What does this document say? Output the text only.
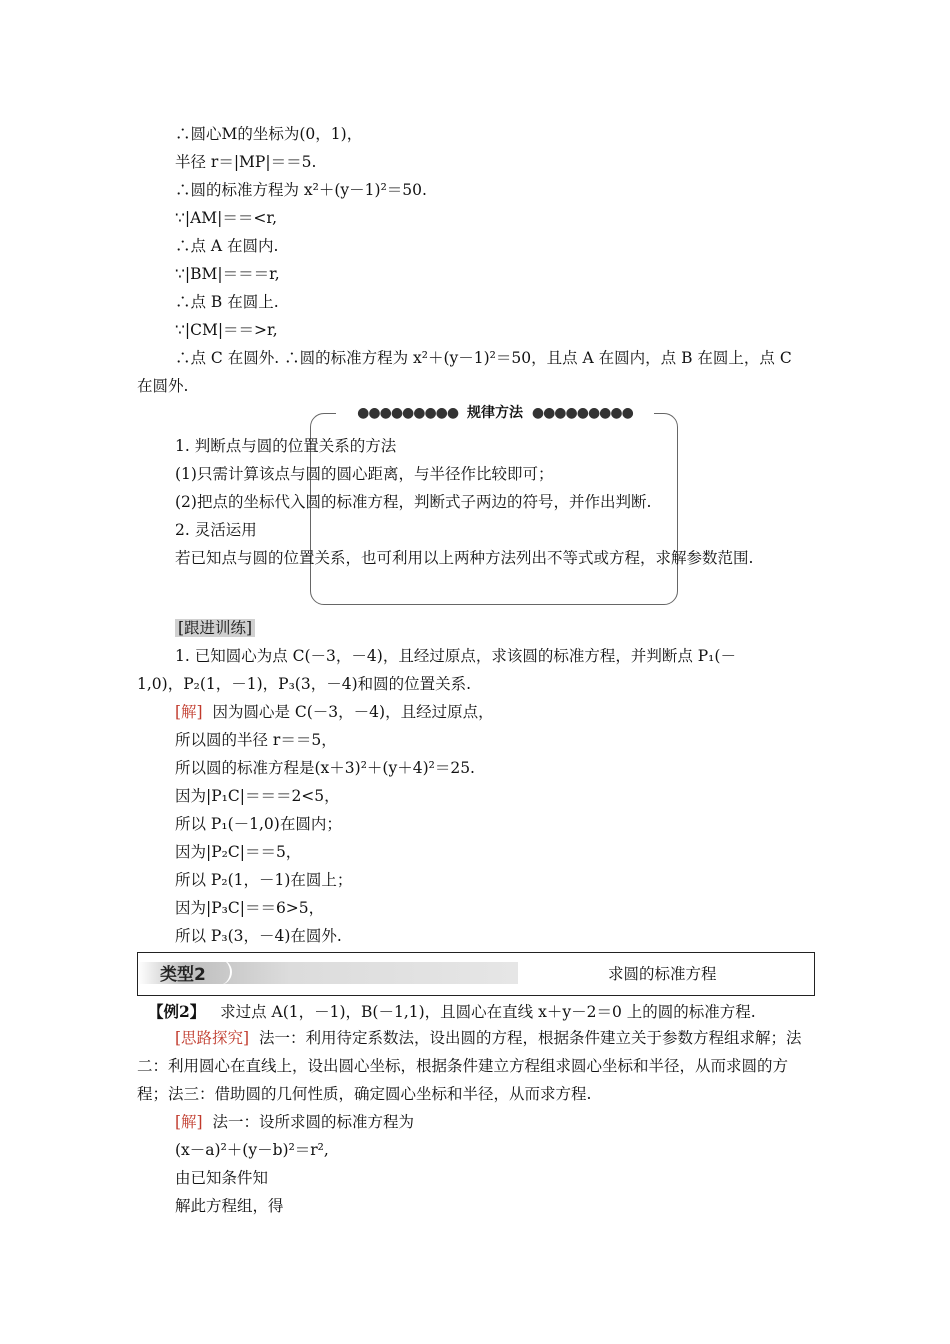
∴圆心M的坐标为(0，1)，
半径 r＝|MP|＝＝5.
∴圆的标准方程为 x²＋(y－1)²＝50.
∵|AM|＝＝<r,
∴点 A 在圆内.
∵|BM|＝＝＝r,
∴点 B 在圆上.
∵|CM|＝＝>r,
∴点 C 在圆外. ∴圆的标准方程为 x²＋(y－1)²＝50，且点 A 在圆内，点 B 在圆上，点 C
在圆外.
●●●●●●●●● 规律方法 ●●●●●●●●●
1. 判断点与圆的位置关系的方法
(1)只需计算该点与圆的圆心距离，与半径作比较即可；
(2)把点的坐标代入圆的标准方程，判断式子两边的符号，并作出判断.
2. 灵活运用
若已知点与圆的位置关系，也可利用以上两种方法列出不等式或方程，求解参数范围.
[跟进训练]
1. 已知圆心为点 C(－3，－4)，且经过原点，求该圆的标准方程，并判断点 P₁(－
1,0)，P₂(1，－1)，P₃(3，－4)和圆的位置关系.
[解] 因为圆心是 C(－3，－4)，且经过原点，
所以圆的半径 r＝＝5，
所以圆的标准方程是(x＋3)²＋(y＋4)²＝25.
因为|P₁C|＝＝＝2<5，
所以 P₁(－1,0)在圆内；
因为|P₂C|＝＝5，
所以 P₂(1，－1)在圆上；
因为|P₃C|＝＝6>5，
所以 P₃(3，－4)在圆外.
类型2	求圆的标准方程
【例2】 求过点 A(1，－1)，B(－1,1)，且圆心在直线 x＋y－2＝0 上的圆的标准方程.
[思路探究] 法一：利用待定系数法，设出圆的方程，根据条件建立关于参数方程组求解；法二：利用圆心在直线上，设出圆心坐标，根据条件建立方程组求圆心坐标和半径，从而求圆的方程；法三：借助圆的几何性质，确定圆心坐标和半径，从而求方程.
[解] 法一：设所求圆的标准方程为
(x－a)²＋(y－b)²＝r²,
由已知条件知
解此方程组，得
